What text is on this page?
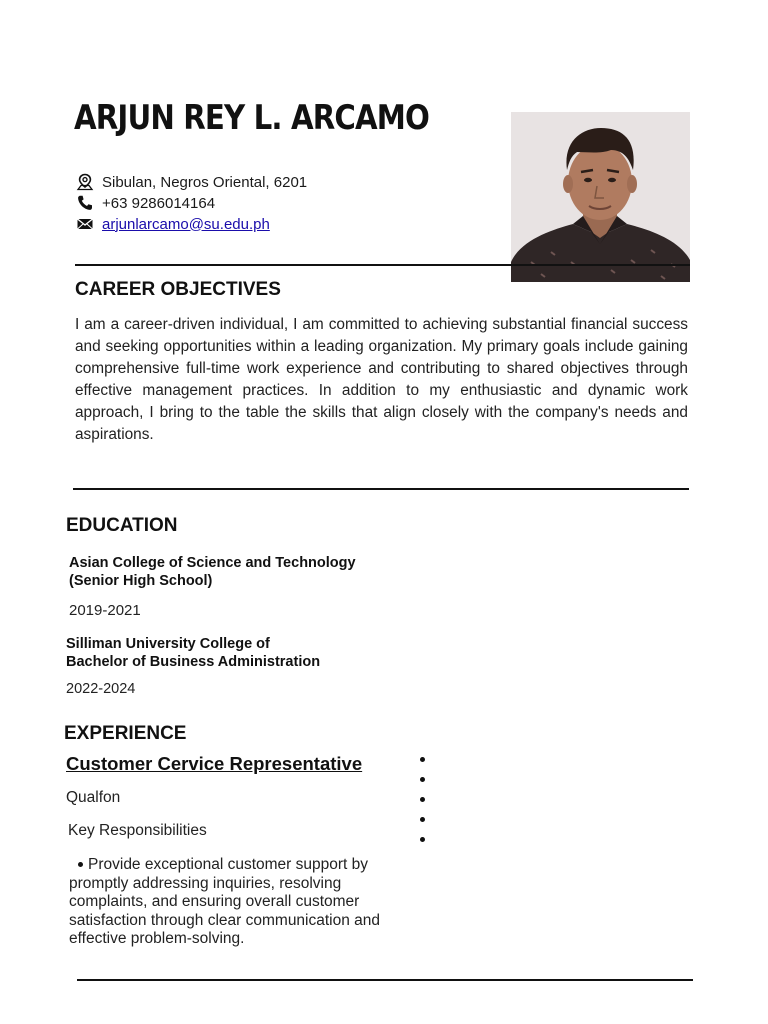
ARJUN REY L. ARCAMO
Sibulan, Negros Oriental, 6201
+63 9286014164
arjunlarcamo@su.edu.ph
CAREER OBJECTIVES

I am a career-driven individual, I am committed to achieving substantial financial success and seeking opportunities within a leading organization. My primary goals include gaining comprehensive full-time work experience and contributing to shared objectives through effective management practices. In addition to my enthusiastic and dynamic work approach, I bring to the table the skills that align closely with the company's needs and aspirations.

EDUCATION

Asian College of Science and Technology

(Senior High School)

2019-2021

Silliman University College of

Bachelor of Business Administration

2022-2024

EXPERIENCE

Customer Cervice Representative

Qualfon

Key Responsibilities

Provide exceptional customer support by promptly addressing inquiries, resolving complaints, and ensuring overall customer satisfaction through clear communication and effective problem-solving.
